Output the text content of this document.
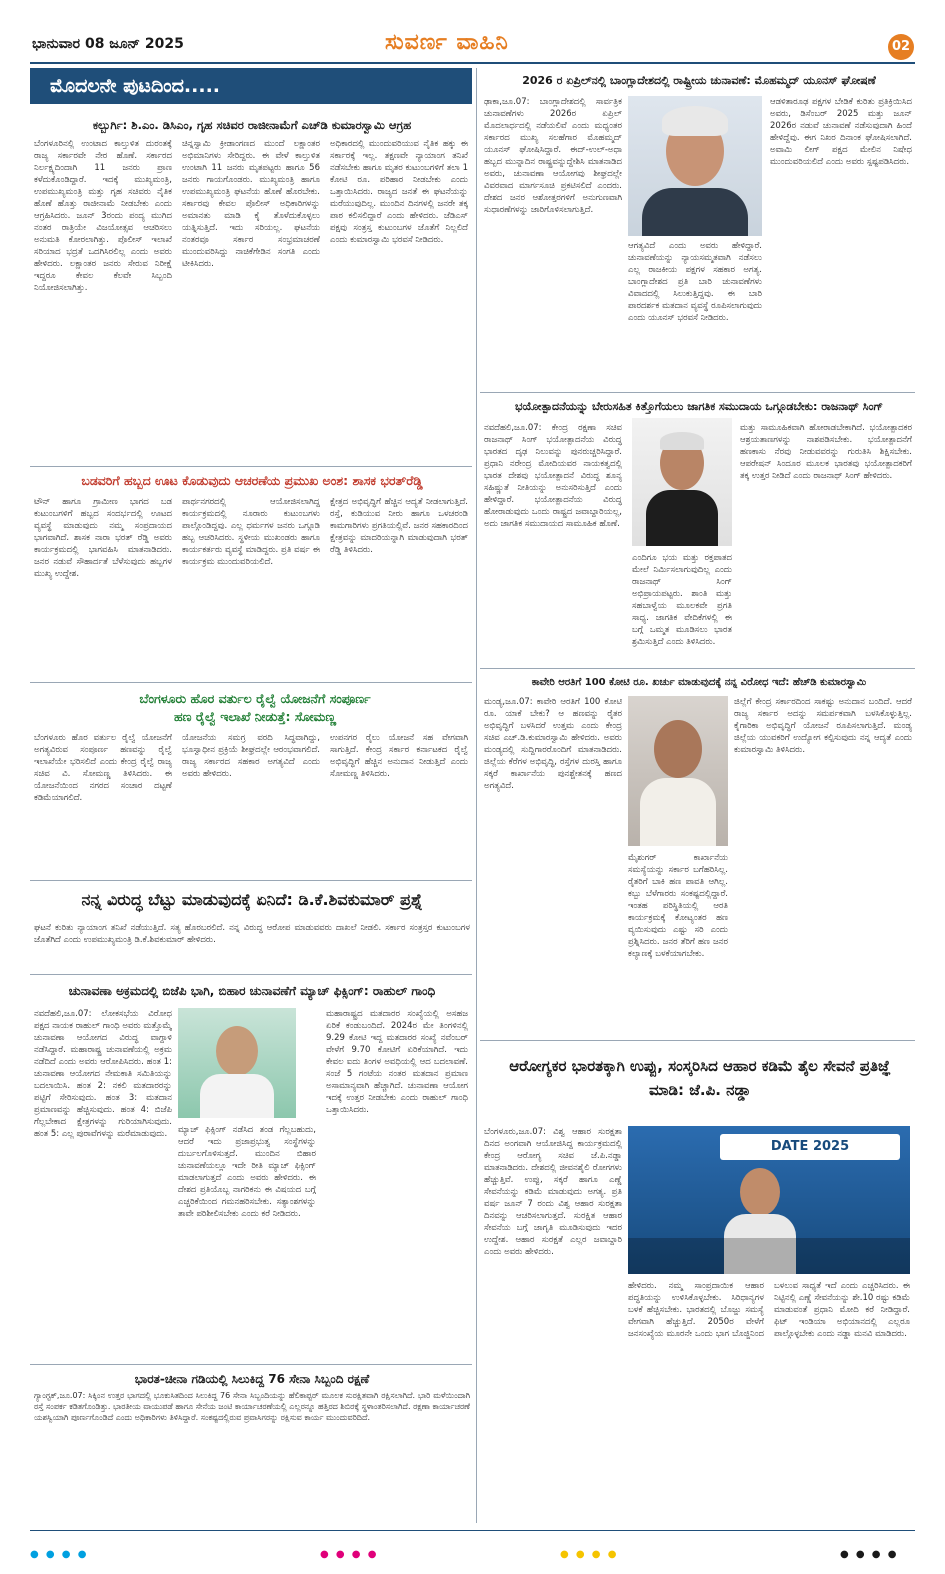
ಭಾನುವಾರ 08 ಜೂನ್ 2025	ಸುವರ್ಣ ವಾಹಿನಿ	02
ಮೊದಲನೇ ಪುಟದಿಂದ.....
ಕಲ್ಬುರ್ಗಿ: ಶಿ.ಎಂ. ಡಿಸಿಎಂ, ಗೃಹ ಸಚಿವರ ರಾಜೀನಾಮೆಗೆ ಎಚ್‌ಡಿ ಕುಮಾರಸ್ವಾಮಿ ಆಗ್ರಹ
ಬೆಂಗಳೂರಿನಲ್ಲಿ ಉಂಟಾದ ಕಾಲ್ತುಳಿತ ದುರಂತಕ್ಕೆ ರಾಜ್ಯ ಸರ್ಕಾರವೇ ನೇರ ಹೊಣೆ. ಸರ್ಕಾರದ ನಿರ್ಲಕ್ಷ್ಯದಿಂದಾಗಿ 11 ಜನರು ಪ್ರಾಣ ಕಳೆದುಕೊಂಡಿದ್ದಾರೆ. ಇದಕ್ಕೆ ಮುಖ್ಯಮಂತ್ರಿ, ಉಪಮುಖ್ಯಮಂತ್ರಿ ಮತ್ತು ಗೃಹ ಸಚಿವರು ನೈತಿಕ ಹೊಣೆ ಹೊತ್ತು ರಾಜೀನಾಮೆ ನೀಡಬೇಕು ಎಂದು ಆಗ್ರಹಿಸಿದರು. ಜೂನ್ 3ರಂದು ಪಂದ್ಯ ಮುಗಿದ ನಂತರ ರಾತ್ರಿಯೇ ವಿಜಯೋತ್ಸವ ಆಚರಿಸಲು ಅನುಮತಿ ಕೋರಲಾಗಿತ್ತು. ಪೊಲೀಸ್ ಇಲಾಖೆ ಸರಿಯಾದ ಭದ್ರತೆ ಒದಗಿಸಿರಲಿಲ್ಲ ಎಂದು ಅವರು ಹೇಳಿದರು. ಲಕ್ಷಾಂತರ ಜನರು ಸೇರುವ ನಿರೀಕ್ಷೆ ಇದ್ದರೂ ಕೇವಲ ಕೆಲವೇ ಸಿಬ್ಬಂದಿ ನಿಯೋಜಿಸಲಾಗಿತ್ತು.
ಚಿನ್ನಸ್ವಾಮಿ ಕ್ರೀಡಾಂಗಣದ ಮುಂದೆ ಲಕ್ಷಾಂತರ ಅಭಿಮಾನಿಗಳು ಸೇರಿದ್ದರು. ಈ ವೇಳೆ ಕಾಲ್ತುಳಿತ ಉಂಟಾಗಿ 11 ಜನರು ಮೃತಪಟ್ಟರು ಹಾಗೂ 56 ಜನರು ಗಾಯಗೊಂಡರು. ಮುಖ್ಯಮಂತ್ರಿ ಹಾಗೂ ಉಪಮುಖ್ಯಮಂತ್ರಿ ಘಟನೆಯ ಹೊಣೆ ಹೊರಬೇಕು. ಸರ್ಕಾರವು ಕೇವಲ ಪೊಲೀಸ್ ಅಧಿಕಾರಿಗಳನ್ನು ಅಮಾನತು ಮಾಡಿ ಕೈ ತೊಳೆದುಕೊಳ್ಳಲು ಯತ್ನಿಸುತ್ತಿದೆ. ಇದು ಸರಿಯಲ್ಲ. ಘಟನೆಯ ನಂತರವೂ ಸರ್ಕಾರ ಸಂಭ್ರಮಾಚರಣೆ ಮುಂದುವರಿಸಿದ್ದು ನಾಚಿಕೆಗೇಡಿನ ಸಂಗತಿ ಎಂದು ಟೀಕಿಸಿದರು.
ಅಧಿಕಾರದಲ್ಲಿ ಮುಂದುವರಿಯುವ ನೈತಿಕ ಹಕ್ಕು ಈ ಸರ್ಕಾರಕ್ಕೆ ಇಲ್ಲ. ತಕ್ಷಣವೇ ನ್ಯಾಯಾಂಗ ತನಿಖೆ ನಡೆಸಬೇಕು ಹಾಗೂ ಮೃತರ ಕುಟುಂಬಗಳಿಗೆ ತಲಾ 1 ಕೋಟಿ ರೂ. ಪರಿಹಾರ ನೀಡಬೇಕು ಎಂದು ಒತ್ತಾಯಿಸಿದರು. ರಾಜ್ಯದ ಜನತೆ ಈ ಘಟನೆಯನ್ನು ಮರೆಯುವುದಿಲ್ಲ. ಮುಂದಿನ ದಿನಗಳಲ್ಲಿ ಜನರೇ ತಕ್ಕ ಪಾಠ ಕಲಿಸಲಿದ್ದಾರೆ ಎಂದು ಹೇಳಿದರು. ಜೆಡಿಎಸ್ ಪಕ್ಷವು ಸಂತ್ರಸ್ತ ಕುಟುಂಬಗಳ ಜೊತೆಗೆ ನಿಲ್ಲಲಿದೆ ಎಂದು ಕುಮಾರಸ್ವಾಮಿ ಭರವಸೆ ನೀಡಿದರು.
ಬಡವರಿಗೆ ಹಬ್ಬದ ಊಟ ಕೊಡುವುದು ಆಚರಣೆಯ ಪ್ರಮುಖ ಅಂಶ: ಶಾಸಕ ಭರತ್‌ರೆಡ್ಡಿ
ಟೌನ್ ಹಾಗೂ ಗ್ರಾಮೀಣ ಭಾಗದ ಬಡ ಕುಟುಂಬಗಳಿಗೆ ಹಬ್ಬದ ಸಂದರ್ಭದಲ್ಲಿ ಊಟದ ವ್ಯವಸ್ಥೆ ಮಾಡುವುದು ನಮ್ಮ ಸಂಪ್ರದಾಯದ ಭಾಗವಾಗಿದೆ. ಶಾಸಕ ನಾರಾ ಭರತ್ ರೆಡ್ಡಿ ಅವರು ಕಾರ್ಯಕ್ರಮದಲ್ಲಿ ಭಾಗವಹಿಸಿ ಮಾತನಾಡಿದರು. ಜನರ ನಡುವೆ ಸೌಹಾರ್ದತೆ ಬೆಳೆಸುವುದು ಹಬ್ಬಗಳ ಮುಖ್ಯ ಉದ್ದೇಶ.
ಪಾರ್ಥನಗರದಲ್ಲಿ ಆಯೋಜಿಸಲಾಗಿದ್ದ ಕಾರ್ಯಕ್ರಮದಲ್ಲಿ ನೂರಾರು ಕುಟುಂಬಗಳು ಪಾಲ್ಗೊಂಡಿದ್ದವು. ಎಲ್ಲ ಧರ್ಮಗಳ ಜನರು ಒಗ್ಗೂಡಿ ಹಬ್ಬ ಆಚರಿಸಿದರು. ಸ್ಥಳೀಯ ಮುಖಂಡರು ಹಾಗೂ ಕಾರ್ಯಕರ್ತರು ವ್ಯವಸ್ಥೆ ಮಾಡಿದ್ದರು. ಪ್ರತಿ ವರ್ಷ ಈ ಕಾರ್ಯಕ್ರಮ ಮುಂದುವರಿಯಲಿದೆ.
ಕ್ಷೇತ್ರದ ಅಭಿವೃದ್ಧಿಗೆ ಹೆಚ್ಚಿನ ಆದ್ಯತೆ ನೀಡಲಾಗುತ್ತಿದೆ. ರಸ್ತೆ, ಕುಡಿಯುವ ನೀರು ಹಾಗೂ ಒಳಚರಂಡಿ ಕಾಮಗಾರಿಗಳು ಪ್ರಗತಿಯಲ್ಲಿವೆ. ಜನರ ಸಹಕಾರದಿಂದ ಕ್ಷೇತ್ರವನ್ನು ಮಾದರಿಯನ್ನಾಗಿ ಮಾಡುವುದಾಗಿ ಭರತ್ ರೆಡ್ಡಿ ತಿಳಿಸಿದರು.
ಬೆಂಗಳೂರು ಹೊರ ವರ್ತುಲ ರೈಲ್ವೆ ಯೋಜನೆಗೆ ಸಂಪೂರ್ಣ ಹಣ ರೈಲ್ವೆ ಇಲಾಖೆ ನೀಡುತ್ತೆ: ಸೋಮಣ್ಣ
ಬೆಂಗಳೂರು ಹೊರ ವರ್ತುಲ ರೈಲ್ವೆ ಯೋಜನೆಗೆ ಅಗತ್ಯವಿರುವ ಸಂಪೂರ್ಣ ಹಣವನ್ನು ರೈಲ್ವೆ ಇಲಾಖೆಯೇ ಭರಿಸಲಿದೆ ಎಂದು ಕೇಂದ್ರ ರೈಲ್ವೆ ರಾಜ್ಯ ಸಚಿವ ವಿ. ಸೋಮಣ್ಣ ತಿಳಿಸಿದರು. ಈ ಯೋಜನೆಯಿಂದ ನಗರದ ಸಂಚಾರ ದಟ್ಟಣೆ ಕಡಿಮೆಯಾಗಲಿದೆ.
ಯೋಜನೆಯ ಸಮಗ್ರ ವರದಿ ಸಿದ್ಧವಾಗಿದ್ದು, ಭೂಸ್ವಾಧೀನ ಪ್ರಕ್ರಿಯೆ ಶೀಘ್ರದಲ್ಲೇ ಆರಂಭವಾಗಲಿದೆ. ರಾಜ್ಯ ಸರ್ಕಾರದ ಸಹಕಾರ ಅಗತ್ಯವಿದೆ ಎಂದು ಅವರು ಹೇಳಿದರು.
ಉಪನಗರ ರೈಲು ಯೋಜನೆ ಸಹ ವೇಗವಾಗಿ ಸಾಗುತ್ತಿದೆ. ಕೇಂದ್ರ ಸರ್ಕಾರ ಕರ್ನಾಟಕದ ರೈಲ್ವೆ ಅಭಿವೃದ್ಧಿಗೆ ಹೆಚ್ಚಿನ ಅನುದಾನ ನೀಡುತ್ತಿದೆ ಎಂದು ಸೋಮಣ್ಣ ತಿಳಿಸಿದರು.
ನನ್ನ ವಿರುದ್ಧ ಬೆಟ್ಟು ಮಾಡುವುದಕ್ಕೆ ಏನಿದೆ: ಡಿ.ಕೆ.ಶಿವಕುಮಾರ್ ಪ್ರಶ್ನೆ
ಘಟನೆ ಕುರಿತು ನ್ಯಾಯಾಂಗ ತನಿಖೆ ನಡೆಯುತ್ತಿದೆ. ಸತ್ಯ ಹೊರಬರಲಿದೆ. ನನ್ನ ವಿರುದ್ಧ ಆರೋಪ ಮಾಡುವವರು ದಾಖಲೆ ನೀಡಲಿ. ಸರ್ಕಾರ ಸಂತ್ರಸ್ತರ ಕುಟುಂಬಗಳ ಜೊತೆಗಿದೆ ಎಂದು ಉಪಮುಖ್ಯಮಂತ್ರಿ ಡಿ.ಕೆ.ಶಿವಕುಮಾರ್ ಹೇಳಿದರು.
ಚುನಾವಣಾ ಅಕ್ರಮದಲ್ಲಿ ಬಿಜೆಪಿ ಭಾಗಿ, ಬಿಹಾರ ಚುನಾವಣೆಗೆ ಮ್ಯಾಚ್ ಫಿಕ್ಸಿಂಗ್: ರಾಹುಲ್ ಗಾಂಧಿ
ನವದೆಹಲಿ,ಜೂ.07: ಲೋಕಸಭೆಯ ವಿರೋಧ ಪಕ್ಷದ ನಾಯಕ ರಾಹುಲ್ ಗಾಂಧಿ ಅವರು ಮತ್ತೊಮ್ಮೆ ಚುನಾವಣಾ ಆಯೋಗದ ವಿರುದ್ಧ ವಾಗ್ದಾಳಿ ನಡೆಸಿದ್ದಾರೆ. ಮಹಾರಾಷ್ಟ್ರ ಚುನಾವಣೆಯಲ್ಲಿ ಅಕ್ರಮ ನಡೆದಿದೆ ಎಂದು ಅವರು ಆರೋಪಿಸಿದರು. ಹಂತ 1: ಚುನಾವಣಾ ಆಯೋಗದ ನೇಮಕಾತಿ ಸಮಿತಿಯನ್ನು ಬದಲಾಯಿಸಿ. ಹಂತ 2: ನಕಲಿ ಮತದಾರರನ್ನು ಪಟ್ಟಿಗೆ ಸೇರಿಸುವುದು. ಹಂತ 3: ಮತದಾನ ಪ್ರಮಾಣವನ್ನು ಹೆಚ್ಚಿಸುವುದು. ಹಂತ 4: ಬಿಜೆಪಿ ಗೆಲ್ಲಬೇಕಾದ ಕ್ಷೇತ್ರಗಳನ್ನು ಗುರಿಯಾಗಿಸುವುದು. ಹಂತ 5: ಎಲ್ಲ ಪುರಾವೆಗಳನ್ನು ಮರೆಮಾಡುವುದು.	ಮ್ಯಾಚ್ ಫಿಕ್ಸಿಂಗ್ ನಡೆಸಿದ ತಂಡ ಗೆಲ್ಲಬಹುದು, ಆದರೆ ಇದು ಪ್ರಜಾಪ್ರಭುತ್ವ ಸಂಸ್ಥೆಗಳನ್ನು ದುರ್ಬಲಗೊಳಿಸುತ್ತದೆ. ಮುಂದಿನ ಬಿಹಾರ ಚುನಾವಣೆಯಲ್ಲೂ ಇದೇ ರೀತಿ ಮ್ಯಾಚ್ ಫಿಕ್ಸಿಂಗ್ ಮಾಡಲಾಗುತ್ತದೆ ಎಂದು ಅವರು ಹೇಳಿದರು. ಈ ದೇಶದ ಪ್ರತಿಯೊಬ್ಬ ನಾಗರಿಕನು ಈ ವಿಷಯದ ಬಗ್ಗೆ ಎಚ್ಚರಿಕೆಯಿಂದ ಗಮನಹರಿಸಬೇಕು. ಸತ್ಯಾಂಶಗಳನ್ನು ತಾವೇ ಪರಿಶೀಲಿಸಬೇಕು ಎಂದು ಕರೆ ನೀಡಿದರು.
ಮಹಾರಾಷ್ಟ್ರದ ಮತದಾರರ ಸಂಖ್ಯೆಯಲ್ಲಿ ಅಸಹಜ ಏರಿಕೆ ಕಂಡುಬಂದಿದೆ. 2024ರ ಮೇ ತಿಂಗಳಿನಲ್ಲಿ 9.29 ಕೋಟಿ ಇದ್ದ ಮತದಾರರ ಸಂಖ್ಯೆ ನವೆಂಬರ್ ವೇಳೆಗೆ 9.70 ಕೋಟಿಗೆ ಏರಿಕೆಯಾಗಿದೆ. ಇದು ಕೇವಲ ಐದು ತಿಂಗಳ ಅವಧಿಯಲ್ಲಿ ಆದ ಬದಲಾವಣೆ. ಸಂಜೆ 5 ಗಂಟೆಯ ನಂತರ ಮತದಾನ ಪ್ರಮಾಣ ಅಸಾಮಾನ್ಯವಾಗಿ ಹೆಚ್ಚಾಗಿದೆ. ಚುನಾವಣಾ ಆಯೋಗ ಇದಕ್ಕೆ ಉತ್ತರ ನೀಡಬೇಕು ಎಂದು ರಾಹುಲ್ ಗಾಂಧಿ ಒತ್ತಾಯಿಸಿದರು.
ಭಾರತ-ಚೀನಾ ಗಡಿಯಲ್ಲಿ ಸಿಲುಕಿದ್ದ 76 ಸೇನಾ ಸಿಬ್ಬಂದಿ ರಕ್ಷಣೆ
ಗ್ಯಾಂಗ್ಟಕ್,ಜೂ.07: ಸಿಕ್ಕಿಂನ ಉತ್ತರ ಭಾಗದಲ್ಲಿ ಭೂಕುಸಿತದಿಂದ ಸಿಲುಕಿದ್ದ 76 ಸೇನಾ ಸಿಬ್ಬಂದಿಯನ್ನು ಹೆಲಿಕಾಪ್ಟರ್ ಮೂಲಕ ಸುರಕ್ಷಿತವಾಗಿ ರಕ್ಷಿಸಲಾಗಿದೆ. ಭಾರಿ ಮಳೆಯಿಂದಾಗಿ ರಸ್ತೆ ಸಂಪರ್ಕ ಕಡಿತಗೊಂಡಿತ್ತು. ಭಾರತೀಯ ವಾಯುಪಡೆ ಹಾಗೂ ಸೇನೆಯ ಜಂಟಿ ಕಾರ್ಯಾಚರಣೆಯಲ್ಲಿ ಎಲ್ಲರನ್ನೂ ಹತ್ತಿರದ ಶಿಬಿರಕ್ಕೆ ಸ್ಥಳಾಂತರಿಸಲಾಗಿದೆ. ರಕ್ಷಣಾ ಕಾರ್ಯಾಚರಣೆ ಯಶಸ್ವಿಯಾಗಿ ಪೂರ್ಣಗೊಂಡಿದೆ ಎಂದು ಅಧಿಕಾರಿಗಳು ತಿಳಿಸಿದ್ದಾರೆ. ಸಂಕಷ್ಟದಲ್ಲಿರುವ ಪ್ರವಾಸಿಗರನ್ನು ರಕ್ಷಿಸುವ ಕಾರ್ಯ ಮುಂದುವರಿದಿದೆ.
2026 ರ ಏಪ್ರಿಲ್‌ನಲ್ಲಿ ಬಾಂಗ್ಲಾದೇಶದಲ್ಲಿ ರಾಷ್ಟ್ರೀಯ ಚುನಾವಣೆ: ಮೊಹಮ್ಮದ್ ಯೂನಸ್ ಘೋಷಣೆ
ಢಾಕಾ,ಜೂ.07: ಬಾಂಗ್ಲಾದೇಶದಲ್ಲಿ ಸಾರ್ವತ್ರಿಕ ಚುನಾವಣೆಗಳು 2026ರ ಏಪ್ರಿಲ್ ಮೊದಲಾರ್ಧದಲ್ಲಿ ನಡೆಯಲಿವೆ ಎಂದು ಮಧ್ಯಂತರ ಸರ್ಕಾರದ ಮುಖ್ಯ ಸಲಹೆಗಾರ ಮೊಹಮ್ಮದ್ ಯೂನಸ್ ಘೋಷಿಸಿದ್ದಾರೆ. ಈದ್-ಉಲ್-ಅಧಾ ಹಬ್ಬದ ಮುನ್ನಾದಿನ ರಾಷ್ಟ್ರವನ್ನುದ್ದೇಶಿಸಿ ಮಾತನಾಡಿದ ಅವರು, ಚುನಾವಣಾ ಆಯೋಗವು ಶೀಘ್ರದಲ್ಲೇ ವಿವರವಾದ ಮಾರ್ಗಸೂಚಿ ಪ್ರಕಟಿಸಲಿದೆ ಎಂದರು. ದೇಶದ ಜನರ ಆಶೋತ್ತರಗಳಿಗೆ ಅನುಗುಣವಾಗಿ ಸುಧಾರಣೆಗಳನ್ನು ಜಾರಿಗೊಳಿಸಲಾಗುತ್ತಿದೆ.
ಆಗತ್ಯವಿದೆ ಎಂದು ಅವರು ಹೇಳಿದ್ದಾರೆ. ಚುನಾವಣೆಯನ್ನು ನ್ಯಾಯಸಮ್ಮತವಾಗಿ ನಡೆಸಲು ಎಲ್ಲ ರಾಜಕೀಯ ಪಕ್ಷಗಳ ಸಹಕಾರ ಅಗತ್ಯ. ಬಾಂಗ್ಲಾದೇಶದ ಪ್ರತಿ ಬಾರಿ ಚುನಾವಣೆಗಳು ವಿವಾದದಲ್ಲಿ ಸಿಲುಕುತ್ತಿದ್ದವು. ಈ ಬಾರಿ ಪಾರದರ್ಶಕ ಮತದಾನ ವ್ಯವಸ್ಥೆ ರೂಪಿಸಲಾಗುವುದು ಎಂದು ಯೂನಸ್ ಭರವಸೆ ನೀಡಿದರು.
ಆಡಳಿತಾರೂಢ ಪಕ್ಷಗಳ ಬೇಡಿಕೆ ಕುರಿತು ಪ್ರತಿಕ್ರಿಯಿಸಿದ ಅವರು, ಡಿಸೆಂಬರ್ 2025 ಮತ್ತು ಜೂನ್ 2026ರ ನಡುವೆ ಚುನಾವಣೆ ನಡೆಸುವುದಾಗಿ ಹಿಂದೆ ಹೇಳಿದ್ದೆವು. ಈಗ ನಿಖರ ದಿನಾಂಕ ಘೋಷಿಸಲಾಗಿದೆ. ಅವಾಮಿ ಲೀಗ್ ಪಕ್ಷದ ಮೇಲಿನ ನಿಷೇಧ ಮುಂದುವರಿಯಲಿದೆ ಎಂದು ಅವರು ಸ್ಪಷ್ಟಪಡಿಸಿದರು.
ಭಯೋತ್ಪಾದನೆಯನ್ನು ಬೇರುಸಹಿತ ಕಿತ್ತೊಗೆಯಲು ಜಾಗತಿಕ ಸಮುದಾಯ ಒಗ್ಗೂಡಬೇಕು: ರಾಜನಾಥ್ ಸಿಂಗ್
ನವದೆಹಲಿ,ಜೂ.07: ಕೇಂದ್ರ ರಕ್ಷಣಾ ಸಚಿವ ರಾಜನಾಥ್ ಸಿಂಗ್ ಭಯೋತ್ಪಾದನೆಯ ವಿರುದ್ಧ ಭಾರತದ ದೃಢ ನಿಲುವನ್ನು ಪುನರುಚ್ಚರಿಸಿದ್ದಾರೆ. ಪ್ರಧಾನಿ ನರೇಂದ್ರ ಮೋದಿಯವರ ನಾಯಕತ್ವದಲ್ಲಿ ಭಾರತ ದೇಶವು ಭಯೋತ್ಪಾದನೆ ವಿರುದ್ಧ ಶೂನ್ಯ ಸಹಿಷ್ಣುತೆ ನೀತಿಯನ್ನು ಅನುಸರಿಸುತ್ತಿದೆ ಎಂದು ಹೇಳಿದ್ದಾರೆ. ಭಯೋತ್ಪಾದನೆಯ ವಿರುದ್ಧ ಹೋರಾಡುವುದು ಒಂದು ರಾಷ್ಟ್ರದ ಜವಾಬ್ದಾರಿಯಲ್ಲ, ಅದು ಜಾಗತಿಕ ಸಮುದಾಯದ ಸಾಮೂಹಿಕ ಹೊಣೆ.
ಎಂದಿಗೂ ಭಯ ಮತ್ತು ರಕ್ತಪಾತದ ಮೇಲೆ ನಿರ್ಮಿಸಲಾಗುವುದಿಲ್ಲ ಎಂದು ರಾಜನಾಥ್ ಸಿಂಗ್ ಅಭಿಪ್ರಾಯಪಟ್ಟರು. ಶಾಂತಿ ಮತ್ತು ಸಹಬಾಳ್ವೆಯ ಮೂಲಕವೇ ಪ್ರಗತಿ ಸಾಧ್ಯ. ಜಾಗತಿಕ ವೇದಿಕೆಗಳಲ್ಲಿ ಈ ಬಗ್ಗೆ ಒಮ್ಮತ ಮೂಡಿಸಲು ಭಾರತ ಶ್ರಮಿಸುತ್ತಿದೆ ಎಂದು ತಿಳಿಸಿದರು.
ಮತ್ತು ಸಾಮೂಹಿಕವಾಗಿ ಹೋರಾಡಬೇಕಾಗಿದೆ. ಭಯೋತ್ಪಾದಕರ ಆಶ್ರಯತಾಣಗಳನ್ನು ನಾಶಪಡಿಸಬೇಕು. ಭಯೋತ್ಪಾದನೆಗೆ ಹಣಕಾಸು ನೆರವು ನೀಡುವವರನ್ನು ಗುರುತಿಸಿ ಶಿಕ್ಷಿಸಬೇಕು. ಆಪರೇಷನ್ ಸಿಂದೂರ ಮೂಲಕ ಭಾರತವು ಭಯೋತ್ಪಾದಕರಿಗೆ ತಕ್ಕ ಉತ್ತರ ನೀಡಿದೆ ಎಂದು ರಾಜನಾಥ್ ಸಿಂಗ್ ಹೇಳಿದರು.
ಕಾವೇರಿ ಆರತಿಗೆ 100 ಕೋಟಿ ರೂ. ಖರ್ಚು ಮಾಡುವುದಕ್ಕೆ ನನ್ನ ವಿರೋಧ ಇದೆ: ಹೆಚ್‌ಡಿ ಕುಮಾರಸ್ವಾಮಿ
ಮಂಡ್ಯ,ಜೂ.07: ಕಾವೇರಿ ಆರತಿಗೆ 100 ಕೋಟಿ ರೂ. ಯಾಕೆ ಬೇಕು? ಆ ಹಣವನ್ನು ರೈತರ ಅಭಿವೃದ್ಧಿಗೆ ಬಳಸಿದರೆ ಉತ್ತಮ ಎಂದು ಕೇಂದ್ರ ಸಚಿವ ಎಚ್.ಡಿ.ಕುಮಾರಸ್ವಾಮಿ ಹೇಳಿದರು. ಅವರು ಮಂಡ್ಯದಲ್ಲಿ ಸುದ್ದಿಗಾರರೊಂದಿಗೆ ಮಾತನಾಡಿದರು. ಜಿಲ್ಲೆಯ ಕೆರೆಗಳ ಅಭಿವೃದ್ಧಿ, ರಸ್ತೆಗಳ ದುರಸ್ತಿ ಹಾಗೂ ಸಕ್ಕರೆ ಕಾರ್ಖಾನೆಯ ಪುನಶ್ಚೇತನಕ್ಕೆ ಹಣದ ಅಗತ್ಯವಿದೆ.
ಮೈಶುಗರ್ ಕಾರ್ಖಾನೆಯ ಸಮಸ್ಯೆಯನ್ನು ಸರ್ಕಾರ ಬಗೆಹರಿಸಿಲ್ಲ. ರೈತರಿಗೆ ಬಾಕಿ ಹಣ ಪಾವತಿ ಆಗಿಲ್ಲ. ಕಬ್ಬು ಬೆಳೆಗಾರರು ಸಂಕಷ್ಟದಲ್ಲಿದ್ದಾರೆ. ಇಂತಹ ಪರಿಸ್ಥಿತಿಯಲ್ಲಿ ಆರತಿ ಕಾರ್ಯಕ್ರಮಕ್ಕೆ ಕೋಟ್ಯಂತರ ಹಣ ವ್ಯಯಿಸುವುದು ಎಷ್ಟು ಸರಿ ಎಂದು ಪ್ರಶ್ನಿಸಿದರು. ಜನರ ತೆರಿಗೆ ಹಣ ಜನರ ಕಲ್ಯಾಣಕ್ಕೆ ಬಳಕೆಯಾಗಬೇಕು.
ಜಿಲ್ಲೆಗೆ ಕೇಂದ್ರ ಸರ್ಕಾರದಿಂದ ಸಾಕಷ್ಟು ಅನುದಾನ ಬಂದಿದೆ. ಆದರೆ ರಾಜ್ಯ ಸರ್ಕಾರ ಅದನ್ನು ಸಮರ್ಪಕವಾಗಿ ಬಳಸಿಕೊಳ್ಳುತ್ತಿಲ್ಲ. ಕೈಗಾರಿಕಾ ಅಭಿವೃದ್ಧಿಗೆ ಯೋಜನೆ ರೂಪಿಸಲಾಗುತ್ತಿದೆ. ಮಂಡ್ಯ ಜಿಲ್ಲೆಯ ಯುವಕರಿಗೆ ಉದ್ಯೋಗ ಕಲ್ಪಿಸುವುದು ನನ್ನ ಆದ್ಯತೆ ಎಂದು ಕುಮಾರಸ್ವಾಮಿ ತಿಳಿಸಿದರು.
ಆರೋಗ್ಯಕರ ಭಾರತಕ್ಕಾಗಿ ಉಪ್ಪು, ಸಂಸ್ಕರಿಸಿದ ಆಹಾರ ಕಡಿಮೆ ತೈಲ ಸೇವನೆ ಪ್ರತಿಜ್ಞೆ ಮಾಡಿ: ಜೆ.ಪಿ. ನಡ್ಡಾ
ಬೆಂಗಳೂರು,ಜೂ.07: ವಿಶ್ವ ಆಹಾರ ಸುರಕ್ಷತಾ ದಿನದ ಅಂಗವಾಗಿ ಆಯೋಜಿಸಿದ್ದ ಕಾರ್ಯಕ್ರಮದಲ್ಲಿ ಕೇಂದ್ರ ಆರೋಗ್ಯ ಸಚಿವ ಜೆ.ಪಿ.ನಡ್ಡಾ ಮಾತನಾಡಿದರು. ದೇಶದಲ್ಲಿ ಜೀವನಶೈಲಿ ರೋಗಗಳು ಹೆಚ್ಚುತ್ತಿವೆ. ಉಪ್ಪು, ಸಕ್ಕರೆ ಹಾಗೂ ಎಣ್ಣೆ ಸೇವನೆಯನ್ನು ಕಡಿಮೆ ಮಾಡುವುದು ಅಗತ್ಯ. ಪ್ರತಿ ವರ್ಷ ಜೂನ್ 7 ರಂದು ವಿಶ್ವ ಆಹಾರ ಸುರಕ್ಷತಾ ದಿನವನ್ನು ಆಚರಿಸಲಾಗುತ್ತದೆ. ಸುರಕ್ಷಿತ ಆಹಾರ ಸೇವನೆಯ ಬಗ್ಗೆ ಜಾಗೃತಿ ಮೂಡಿಸುವುದು ಇದರ ಉದ್ದೇಶ. ಆಹಾರ ಸುರಕ್ಷತೆ ಎಲ್ಲರ ಜವಾಬ್ದಾರಿ ಎಂದು ಅವರು ಹೇಳಿದರು.
DATE 2025
ಹೇಳಿದರು. ನಮ್ಮ ಸಾಂಪ್ರದಾಯಿಕ ಆಹಾರ ಪದ್ಧತಿಯನ್ನು ಉಳಿಸಿಕೊಳ್ಳಬೇಕು. ಸಿರಿಧಾನ್ಯಗಳ ಬಳಕೆ ಹೆಚ್ಚಿಸಬೇಕು. ಭಾರತದಲ್ಲಿ ಬೊಜ್ಜು ಸಮಸ್ಯೆ ವೇಗವಾಗಿ ಹೆಚ್ಚುತ್ತಿದೆ. 2050ರ ವೇಳೆಗೆ ಜನಸಂಖ್ಯೆಯ ಮೂರನೇ ಒಂದು ಭಾಗ ಬೊಜ್ಜಿನಿಂದ ಬಳಲುವ ಸಾಧ್ಯತೆ ಇದೆ ಎಂದು ಎಚ್ಚರಿಸಿದರು. ಈ ನಿಟ್ಟಿನಲ್ಲಿ ಎಣ್ಣೆ ಸೇವನೆಯನ್ನು ಶೇ.10 ರಷ್ಟು ಕಡಿಮೆ ಮಾಡುವಂತೆ ಪ್ರಧಾನಿ ಮೋದಿ ಕರೆ ನೀಡಿದ್ದಾರೆ. ಫಿಟ್ ಇಂಡಿಯಾ ಅಭಿಯಾನದಲ್ಲಿ ಎಲ್ಲರೂ ಪಾಲ್ಗೊಳ್ಳಬೇಕು ಎಂದು ನಡ್ಡಾ ಮನವಿ ಮಾಡಿದರು.
● ● ● ●	● ● ● ●	● ● ● ●	● ● ● ●
